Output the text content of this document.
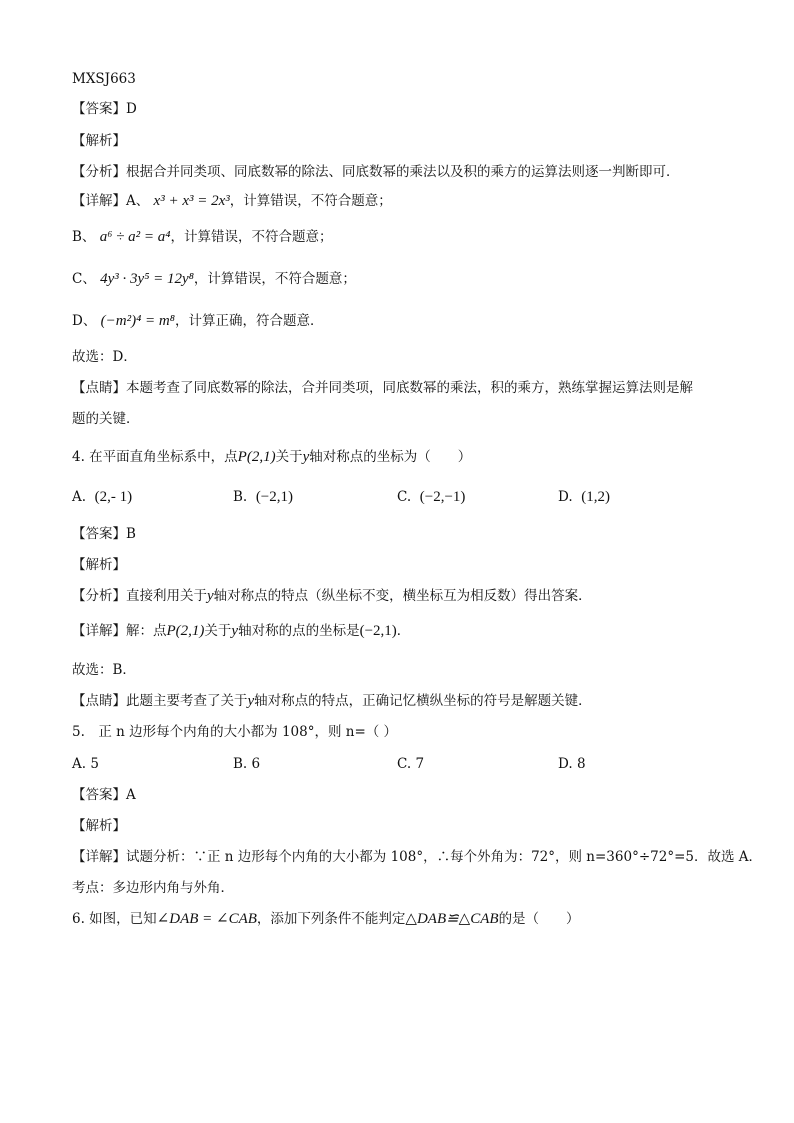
MXSJ663
【答案】D
【解析】
【分析】根据合并同类项、同底数幂的除法、同底数幂的乘法以及积的乘方的运算法则逐一判断即可．
【详解】A、 x³ + x³ = 2x³，计算错误，不符合题意；
B、 a⁶ ÷ a² = a⁴，计算错误，不符合题意；
C、 4y³ · 3y⁵ = 12y⁸，计算错误，不符合题意；
D、 (−m²)⁴ = m⁸，计算正确，符合题意．
故选：D．
【点睛】本题考查了同底数幂的除法，合并同类项，同底数幂的乘法，积的乘方，熟练掌握运算法则是解
题的关键．
4. 在平面直角坐标系中，点P(2,1)关于y轴对称点的坐标为（　　）
A. (2,- 1)	B. (−2,1)	C. (−2,−1)	D. (1,2)
【答案】B
【解析】
【分析】直接利用关于y轴对称点的特点（纵坐标不变，横坐标互为相反数）得出答案．
【详解】解：点P(2,1)关于y轴对称的点的坐标是(−2,1)．
故选：B．
【点睛】此题主要考查了关于y轴对称点的特点，正确记忆横纵坐标的符号是解题关键．
5.　正 n 边形每个内角的大小都为 108°，则 n=（ ）
A. 5	B. 6	C. 7	D. 8
【答案】A
【解析】
【详解】试题分析：∵正 n 边形每个内角的大小都为 108°，∴每个外角为：72°，则 n=360°÷72°=5．故选 A．
考点：多边形内角与外角．
6. 如图，已知∠DAB = ∠CAB，添加下列条件不能判定△DAB≌△CAB的是（　　）
